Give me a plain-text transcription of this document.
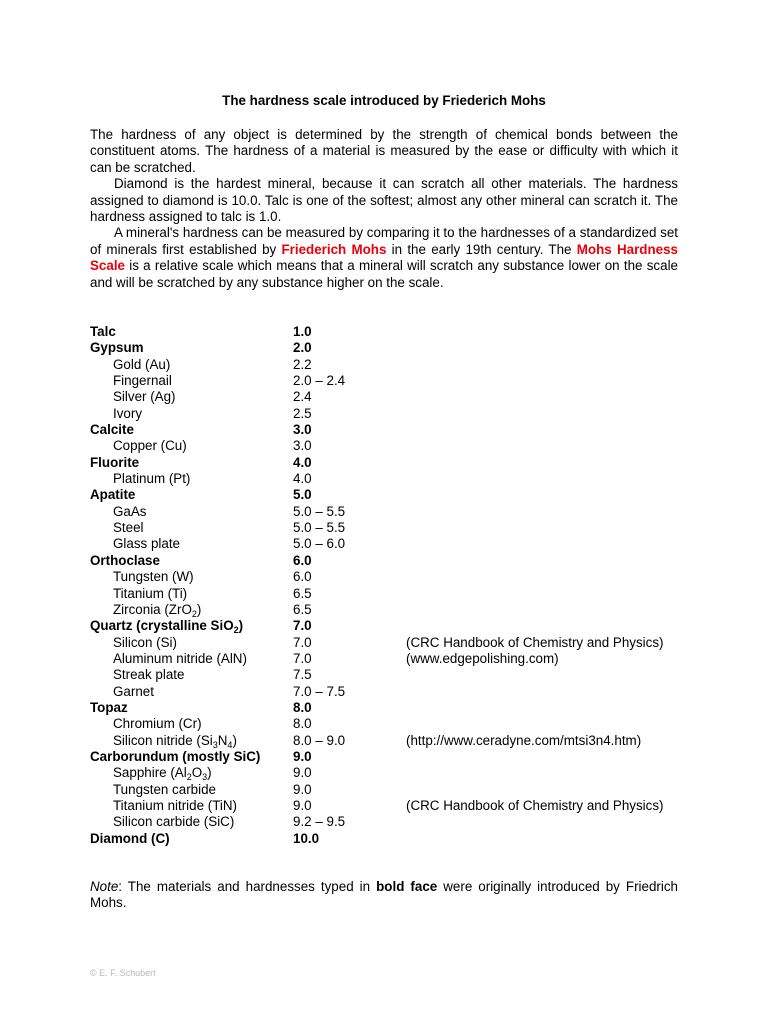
The hardness scale introduced by Friederich Mohs

The hardness of any object is determined by the strength of chemical bonds between the constituent atoms. The hardness of a material is measured by the ease or difficulty with which it can be scratched.

Diamond is the hardest mineral, because it can scratch all other materials. The hardness assigned to diamond is 10.0. Talc is one of the softest; almost any other mineral can scratch it. The hardness assigned to talc is 1.0.

A mineral's hardness can be measured by comparing it to the hardnesses of a standardized set of minerals first established by Friederich Mohs in the early 19th century. The Mohs Hardness Scale is a relative scale which means that a mineral will scratch any substance lower on the scale and will be scratched by any substance higher on the scale.

Talc	1.0
Gypsum	2.0
Gold (Au)	2.2
Fingernail	2.0 – 2.4
Silver (Ag)	2.4
Ivory	2.5
Calcite	3.0
Copper (Cu)	3.0
Fluorite	4.0
Platinum (Pt)	4.0
Apatite	5.0
GaAs	5.0 – 5.5
Steel	5.0 – 5.5
Glass plate	5.0 – 6.0
Orthoclase	6.0
Tungsten (W)	6.0
Titanium (Ti)	6.5
Zirconia (ZrO$_2$)	6.5
Quartz (crystalline SiO$_2$)	7.0
Silicon (Si)	7.0	(CRC Handbook of Chemistry and Physics)
Aluminum nitride (AlN)	7.0	(www.edgepolishing.com)
Streak plate	7.5
Garnet	7.0 – 7.5
Topaz	8.0
Chromium (Cr)	8.0
Silicon nitride $(Si_3N_4)$	8.0 – 9.0	(http://www.ceradyne.com/mtsi3n4.htm)
Carborundum (mostly SiC) 9.0
Sapphire $(Al_2O_3)$	9.0
Tungsten carbide	9.0
Titanium nitride (TiN)	9.0	(CRC Handbook of Chemistry and Physics)
Silicon carbide (SiC)	9.2 – 9.5
Diamond (C)	10.0

Note: The materials and hardnesses typed in bold face were originally introduced by Friedrich Mohs.

© E. F. Schubert
